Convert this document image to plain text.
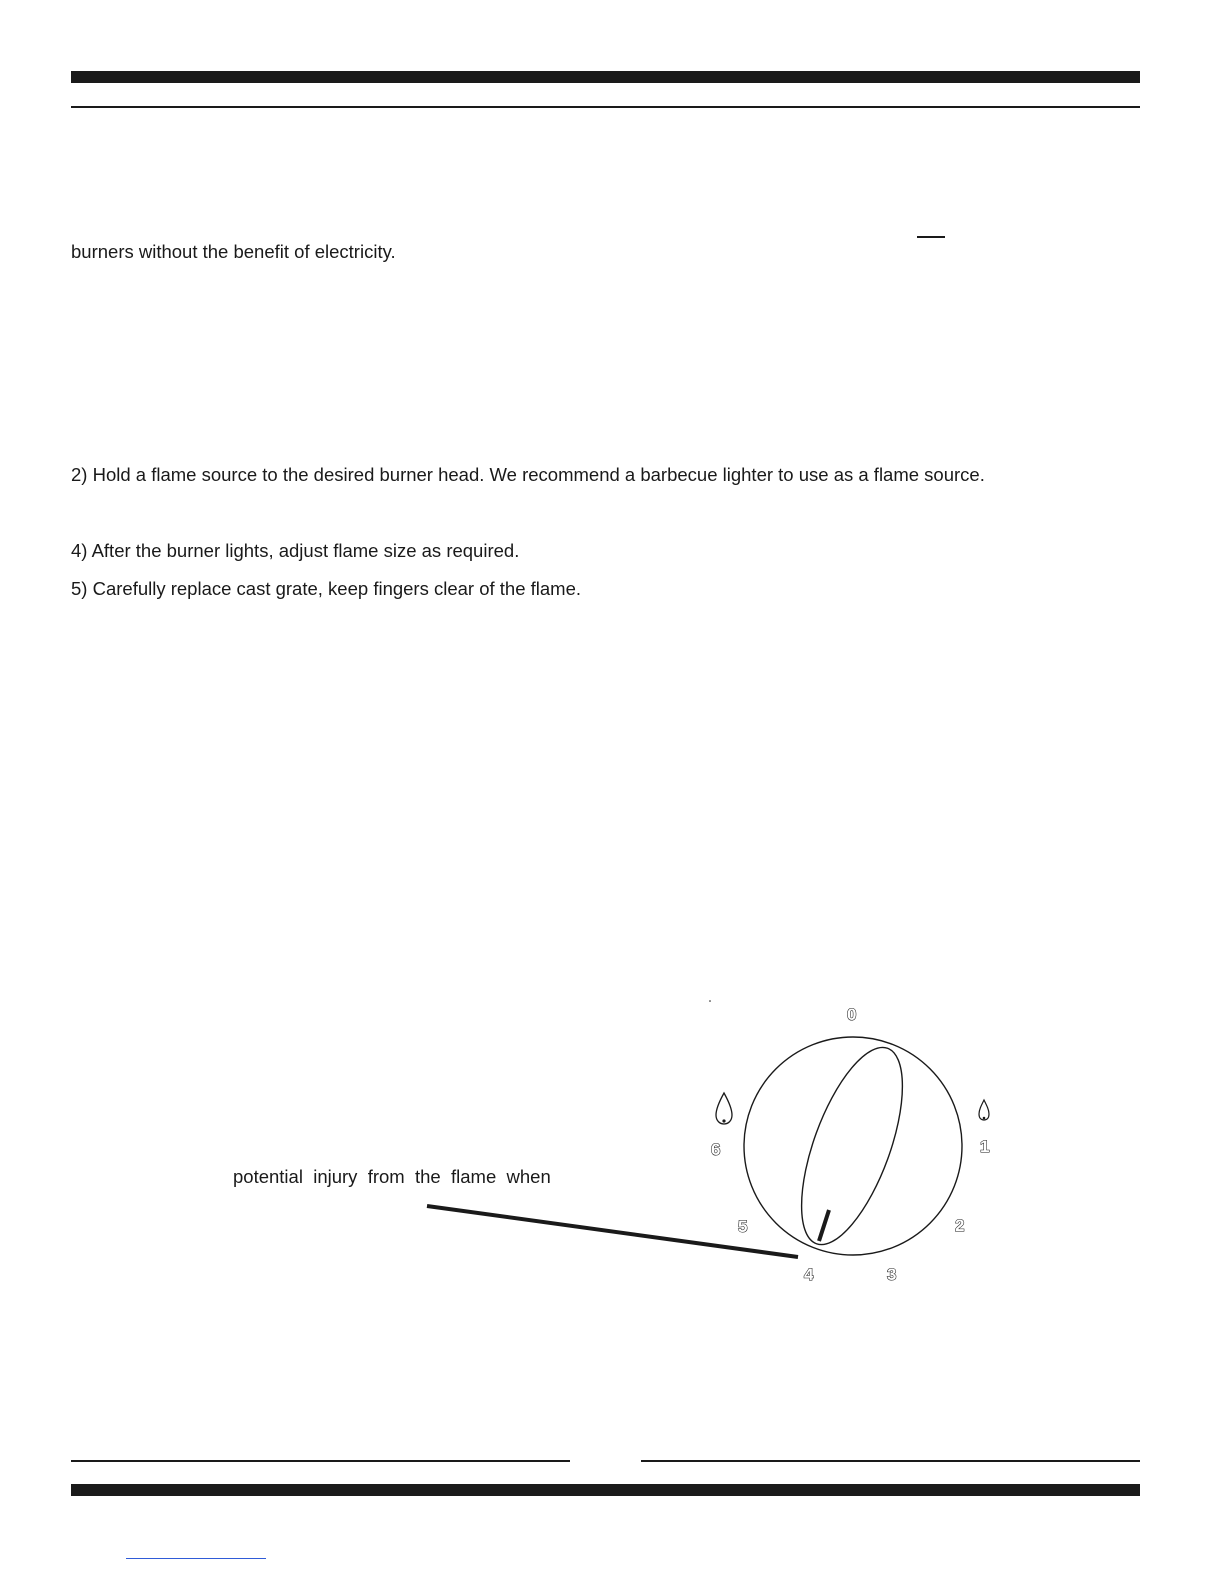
burners without the benefit of electricity.
2) Hold a flame source to the desired burner head. We recommend a barbecue lighter to use as a flame source.
4) After the burner lights, adjust flame size as required.
5) Carefully replace cast grate, keep fingers clear of the flame.
potential  injury  from  the  flame  when
0
1
2
3
4
5
6
